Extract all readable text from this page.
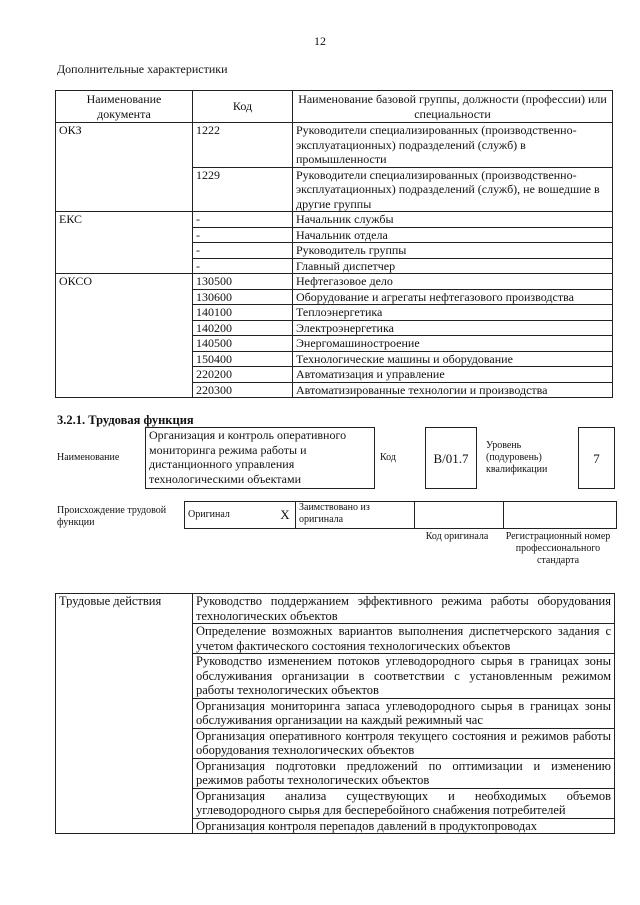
12
Дополнительные характеристики
Наименование документа	Код	Наименование базовой группы, должности (профессии) или специальности
ОКЗ	1222	Руководители специализированных (производственно-эксплуатационных) подразделений (служб) в промышленности
	1229	Руководители специализированных (производственно-эксплуатационных) подразделений (служб), не вошедшие в другие группы
ЕКС	-	Начальник службы
	-	Начальник отдела
	-	Руководитель группы
	-	Главный диспетчер
ОКСО	130500	Нефтегазовое дело
	130600	Оборудование и агрегаты нефтегазового производства
	140100	Теплоэнергетика
	140200	Электроэнергетика
	140500	Энергомашиностроение
	150400	Технологические машины и оборудование
	220200	Автоматизация и управление
	220300	Автоматизированные технологии и производства
3.2.1. Трудовая функция
Наименование
Организация и контроль оперативного мониторинга режима работы и дистанционного управления технологическими объектами
Код	B/01.7
Уровень (подуровень) квалификации
7
Происхождение трудовой функции
Оригинал	X	Заимствовано из оригинала		
Код оригинала	Регистрационный номер профессионального стандарта
Трудовые действия	Руководство поддержанием эффективного режима работы оборудования технологических объектов
Определение возможных вариантов выполнения диспетчерского задания с учетом фактического состояния технологических объектов
Руководство изменением потоков углеводородного сырья в границах зоны обслуживания организации в соответствии с установленным режимом работы технологических объектов
Организация мониторинга запаса углеводородного сырья в границах зоны обслуживания организации на каждый режимный час
Организация оперативного контроля текущего состояния и режимов работы оборудования технологических объектов
Организация подготовки предложений по оптимизации и изменению режимов работы технологических объектов
Организация анализа существующих и необходимых объемов углеводородного сырья для бесперебойного снабжения потребителей
Организация контроля перепадов давлений в продуктопроводах
